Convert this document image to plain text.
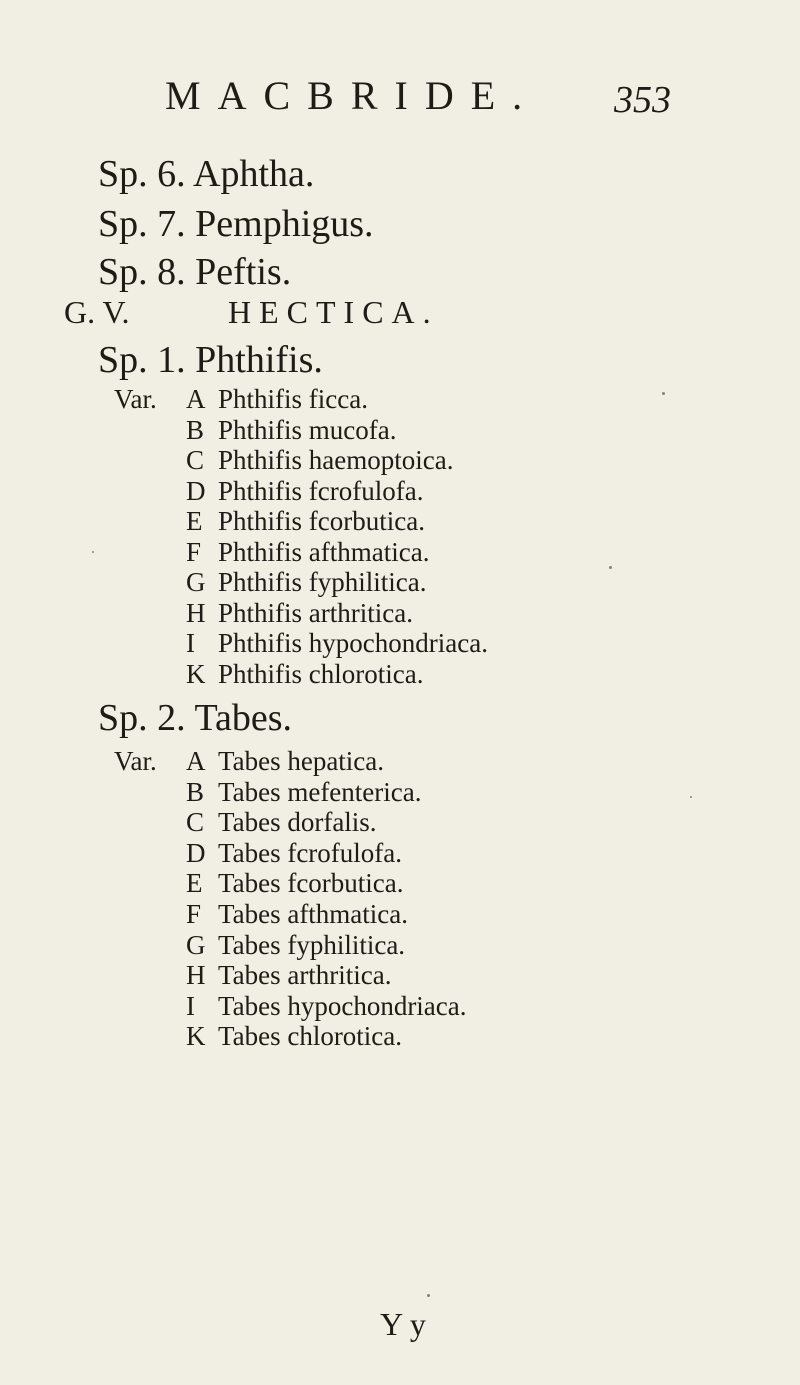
MACBRIDE. 353
Sp. 6. Aphtha.
Sp. 7. Pemphigus.
Sp. 8. Peftis.
G. V.	HECTICA.
Sp. 1. Phthifis.
Var. A Phthifis ficca.
B Phthifis mucofa.
C Phthifis haemoptoica.
D Phthifis fcrofulofa.
E Phthifis fcorbutica.
F Phthifis afthmatica.
G Phthifis fyphilitica.
H Phthifis arthritica.
I Phthifis hypochondriaca.
K Phthifis chlorotica.
Sp. 2. Tabes.
Var. A Tabes hepatica.
B Tabes mefenterica.
C Tabes dorfalis.
D Tabes fcrofulofa.
E Tabes fcorbutica.
F Tabes afthmatica.
G Tabes fyphilitica.
H Tabes arthritica.
I Tabes hypochondriaca.
K Tabes chlorotica.
Y y
